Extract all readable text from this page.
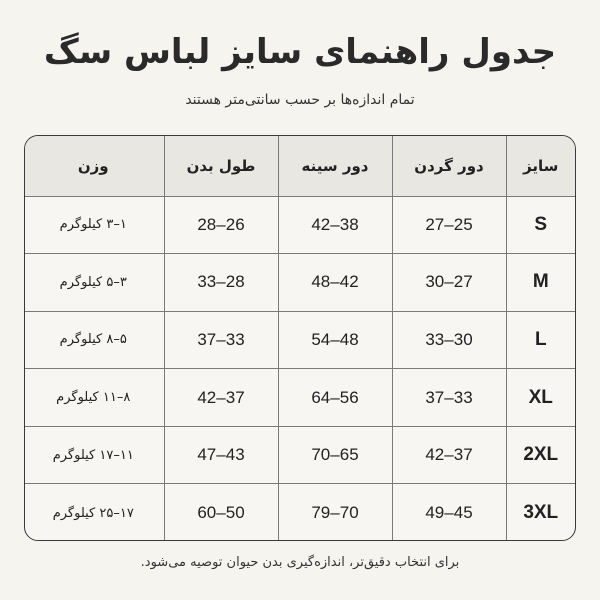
جدول راهنمای سایز لباس سگ
تمام اندازه‌ها بر حسب سانتی‌متر هستند
سایز	دور گردن	دور سینه	طول بدن	وزن
S	25–27	38–42	26–28	۱–۳ کیلوگرم
M	27–30	42–48	28–33	۳–۵ کیلوگرم
L	30–33	48–54	33–37	۵–۸ کیلوگرم
XL	33–37	56–64	37–42	۸–۱۱ کیلوگرم
2XL	37–42	65–70	43–47	۱۱–۱۷ کیلوگرم
3XL	45–49	70–79	50–60	۱۷–۲۵ کیلوگرم
برای انتخاب دقیق‌تر، اندازه‌گیری بدن حیوان توصیه می‌شود.
